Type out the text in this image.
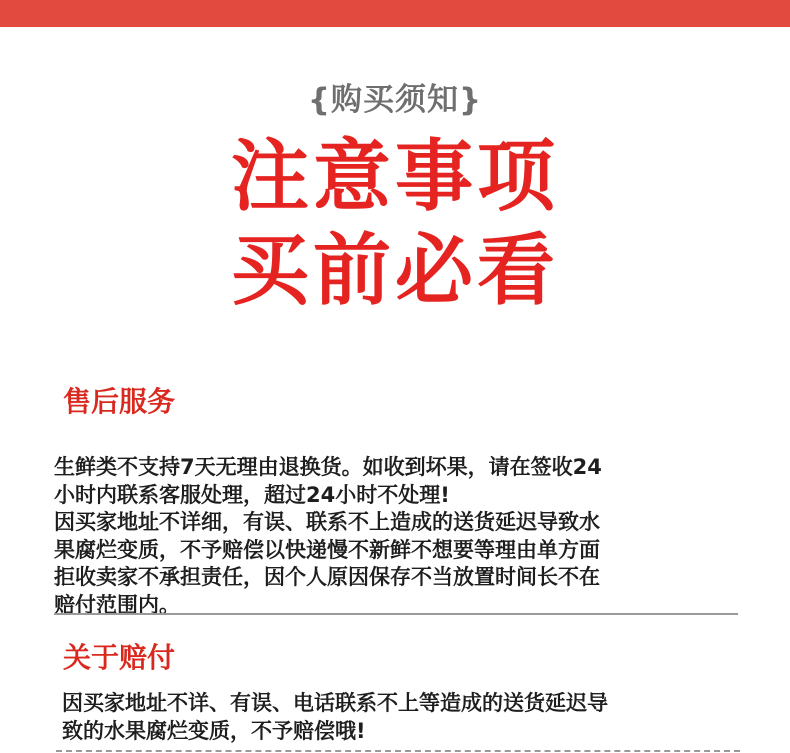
{购买须知}
注意事项
买前必看
售后服务
生鲜类不支持7天无理由退换货。如收到坏果，请在签收24
小时内联系客服处理，超过24小时不处理!
因买家地址不详细，有误、联系不上造成的送货延迟导致水
果腐烂变质，不予赔偿以快递慢不新鲜不想要等理由单方面
拒收卖家不承担责任，因个人原因保存不当放置时间长不在
赔付范围内。
关于赔付
因买家地址不详、有误、电话联系不上等造成的送货延迟导
致的水果腐烂变质，不予赔偿哦!
